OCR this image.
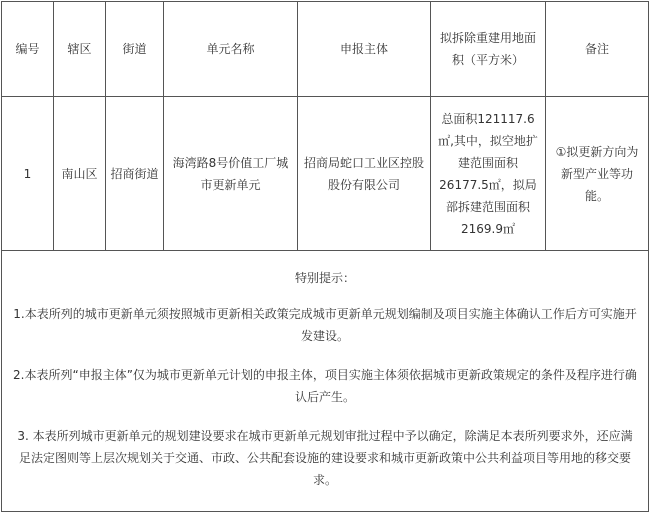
编号	辖区	街道	单元名称	申报主体	拟拆除重建用地面积（平方米）	备注
1	南山区	招商街道	海湾路8号价值工厂城市更新单元	招商局蛇口工业区控股股份有限公司	总面积121117.6㎡,其中，拟空地扩建范围面积26177.5㎡，拟局部拆建范围面积2169.9㎡	①拟更新方向为新型产业等功能。

特别提示：
1.本表所列的城市更新单元须按照城市更新相关政策完成城市更新单元规划编制及项目实施主体确认工作后方可实施开发建设。
2.本表所列“申报主体”仅为城市更新单元计划的申报主体，项目实施主体须依据城市更新政策规定的条件及程序进行确认后产生。
3. 本表所列城市更新单元的规划建设要求在城市更新单元规划审批过程中予以确定，除满足本表所列要求外，还应满足法定图则等上层次规划关于交通、市政、公共配套设施的建设要求和城市更新政策中公共利益项目等用地的移交要求。						
